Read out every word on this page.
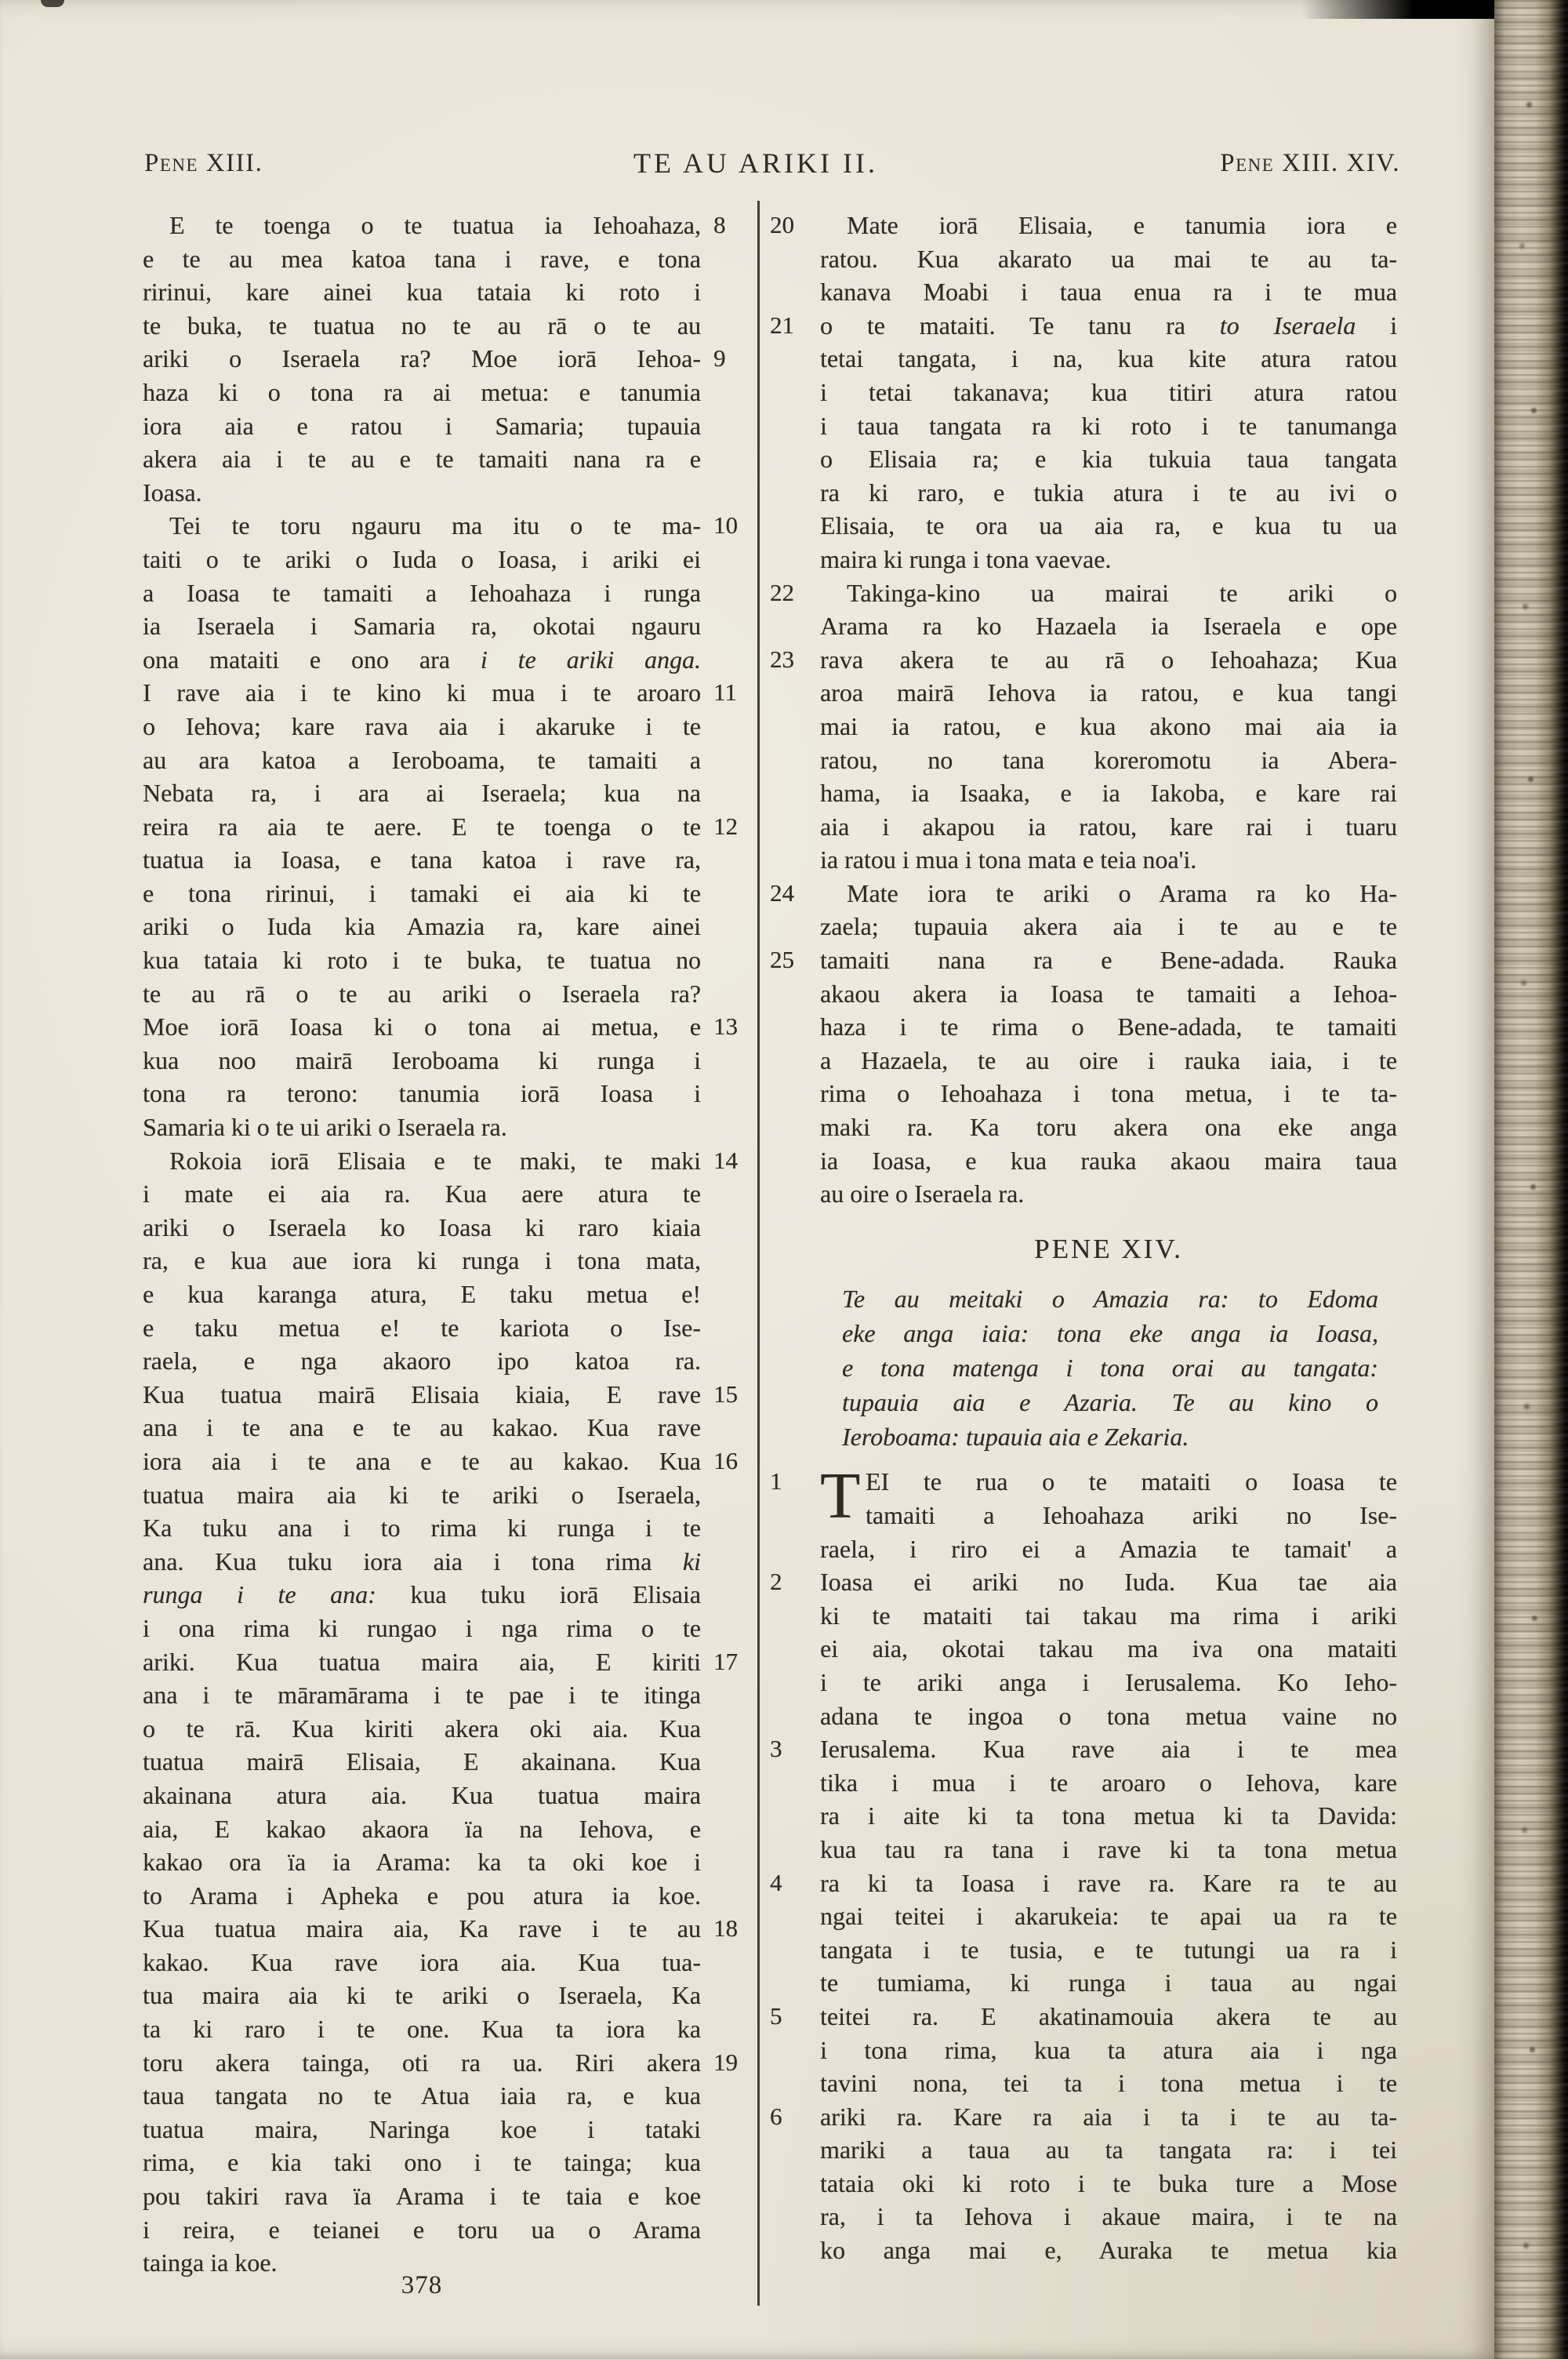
Pene XIII.	TE AU ARIKI II.	Pene XIII. XIV.
E te toenga o te tuatua ia Iehoahaza, 8
e te au mea katoa tana i rave, e tona
ririnui, kare ainei kua tataia ki roto i
te buka, te tuatua no te au rā o te au
ariki o Iseraela ra? Moe iorā Iehoa- 9
haza ki o tona ra ai metua: e tanumia
iora aia e ratou i Samaria; tupauia
akera aia i te au e te tamaiti nana ra e
Ioasa.
Tei te toru ngauru ma itu o te ma- 10
taiti o te ariki o Iuda o Ioasa, i ariki ei
a Ioasa te tamaiti a Iehoahaza i runga
ia Iseraela i Samaria ra, okotai ngauru
ona mataiti e ono ara i te ariki anga.
I rave aia i te kino ki mua i te aroaro 11
o Iehova; kare rava aia i akaruke i te
au ara katoa a Ieroboama, te tamaiti a
Nebata ra, i ara ai Iseraela; kua na
reira ra aia te aere. E te toenga o te 12
tuatua ia Ioasa, e tana katoa i rave ra,
e tona ririnui, i tamaki ei aia ki te
ariki o Iuda kia Amazia ra, kare ainei
kua tataia ki roto i te buka, te tuatua no
te au rā o te au ariki o Iseraela ra?
Moe iorā Ioasa ki o tona ai metua, e 13
kua noo mairā Ieroboama ki runga i
tona ra terono: tanumia iorā Ioasa i
Samaria ki o te ui ariki o Iseraela ra.
Rokoia iorā Elisaia e te maki, te maki 14
i mate ei aia ra. Kua aere atura te
ariki o Iseraela ko Ioasa ki raro kiaia
ra, e kua aue iora ki runga i tona mata,
e kua karanga atura, E taku metua e!
e taku metua e! te kariota o Ise-
raela, e nga akaoro ipo katoa ra.
Kua tuatua mairā Elisaia kiaia, E rave 15
ana i te ana e te au kakao. Kua rave
iora aia i te ana e te au kakao. Kua 16
tuatua maira aia ki te ariki o Iseraela,
Ka tuku ana i to rima ki runga i te
ana. Kua tuku iora aia i tona rima ki
runga i te ana: kua tuku iorā Elisaia
i ona rima ki rungao i nga rima o te
ariki. Kua tuatua maira aia, E kiriti 17
ana i te māramārama i te pae i te itinga
o te rā. Kua kiriti akera oki aia. Kua
tuatua mairā Elisaia, E akainana. Kua
akainana atura aia. Kua tuatua maira
aia, E kakao akaora ïa na Iehova, e
kakao ora ïa ia Arama: ka ta oki koe i
to Arama i Apheka e pou atura ia koe.
Kua tuatua maira aia, Ka rave i te au 18
kakao. Kua rave iora aia. Kua tua-
tua maira aia ki te ariki o Iseraela, Ka
ta ki raro i te one. Kua ta iora ka
toru akera tainga, oti ra ua. Riri akera 19
taua tangata no te Atua iaia ra, e kua
tuatua maira, Naringa koe i tataki
rima, e kia taki ono i te tainga; kua
pou takiri rava ïa Arama i te taia e koe
i reira, e teianei e toru ua o Arama
tainga ia koe.
Mate iorā Elisaia, e tanumia iora e
20
ratou. Kua akarato ua mai te au ta-
kanava Moabi i taua enua ra i te mua
o te mataiti. Te tanu ra to Iseraela i
21
tetai tangata, i na, kua kite atura ratou
i tetai takanava; kua titiri atura ratou
i taua tangata ra ki roto i te tanumanga
o Elisaia ra; e kia tukuia taua tangata
ra ki raro, e tukia atura i te au ivi o
Elisaia, te ora ua aia ra, e kua tu ua
maira ki runga i tona vaevae.
Takinga-kino ua mairai te ariki o
22
Arama ra ko Hazaela ia Iseraela e ope
rava akera te au rā o Iehoahaza; Kua
23
aroa mairā Iehova ia ratou, e kua tangi
mai ia ratou, e kua akono mai aia ia
ratou, no tana koreromotu ia Abera-
hama, ia Isaaka, e ia Iakoba, e kare rai
aia i akapou ia ratou, kare rai i tuaru
ia ratou i mua i tona mata e teia noa'i.
Mate iora te ariki o Arama ra ko Ha-
24
zaela; tupauia akera aia i te au e te
tamaiti nana ra e Bene-adada. Rauka
25
akaou akera ia Ioasa te tamaiti a Iehoa-
haza i te rima o Bene-adada, te tamaiti
a Hazaela, te au oire i rauka iaia, i te
rima o Iehoahaza i tona metua, i te ta-
maki ra. Ka toru akera ona eke anga
ia Ioasa, e kua rauka akaou maira taua
au oire o Iseraela ra.
PENE XIV.
Te au meitaki o Amazia ra: to Edoma
eke anga iaia: tona eke anga ia Ioasa,
e tona matenga i tona orai au tangata:
tupauia aia e Azaria. Te au kino o
Ieroboama: tupauia aia e Zekaria.
T EI te rua o te mataiti o Ioasa te
1
tamaiti a Iehoahaza ariki no Ise-
raela, i riro ei a Amazia te tamait' a
Ioasa ei ariki no Iuda. Kua tae aia
2
ki te mataiti tai takau ma rima i ariki
ei aia, okotai takau ma iva ona mataiti
i te ariki anga i Ierusalema. Ko Ieho-
adana te ingoa o tona metua vaine no
Ierusalema. Kua rave aia i te mea
3
tika i mua i te aroaro o Iehova, kare
ra i aite ki ta tona metua ki ta Davida:
kua tau ra tana i rave ki ta tona metua
ra ki ta Ioasa i rave ra. Kare ra te au
4
ngai teitei i akarukeia: te apai ua ra te
tangata i te tusia, e te tutungi ua ra i
te tumiama, ki runga i taua au ngai
teitei ra. E akatinamouia akera te au
5
i tona rima, kua ta atura aia i nga
tavini nona, tei ta i tona metua i te
ariki ra. Kare ra aia i ta i te au ta-
6
mariki a taua au ta tangata ra: i tei
tataia oki ki roto i te buka ture a Mose
ra, i ta Iehova i akaue maira, i te na
ko anga mai e, Auraka te metua kia
378
